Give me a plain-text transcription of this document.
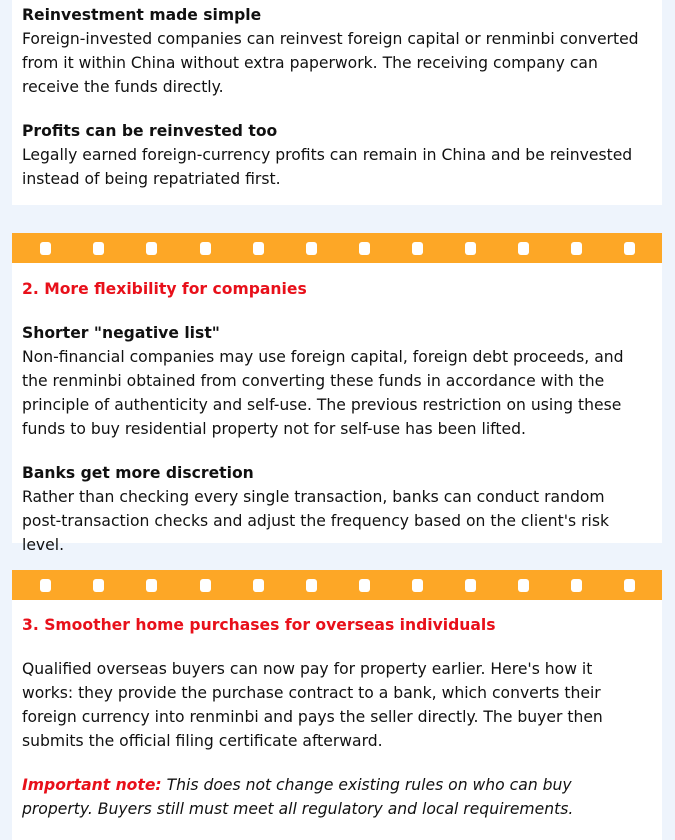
Reinvestment made simple

Foreign-invested companies can reinvest foreign capital or renminbi converted from it within China without extra paperwork. The receiving company can receive the funds directly.

Profits can be reinvested too

Legally earned foreign-currency profits can remain in China and be reinvested instead of being repatriated first.

2. More flexibility for companies
Shorter "negative list"

Non-financial companies may use foreign capital, foreign debt proceeds, and the renminbi obtained from converting these funds in accordance with the principle of authenticity and self-use. The previous restriction on using these funds to buy residential property not for self-use has been lifted.

Banks get more discretion

Rather than checking every single transaction, banks can conduct random post-transaction checks and adjust the frequency based on the client's risk level.

3. Smoother home purchases for overseas individuals

Qualified overseas buyers can now pay for property earlier. Here's how it works: they provide the purchase contract to a bank, which converts their foreign currency into renminbi and pays the seller directly. The buyer then submits the official filing certificate afterward.

Important note: This does not change existing rules on who can buy property. Buyers still must meet all regulatory and local requirements.
